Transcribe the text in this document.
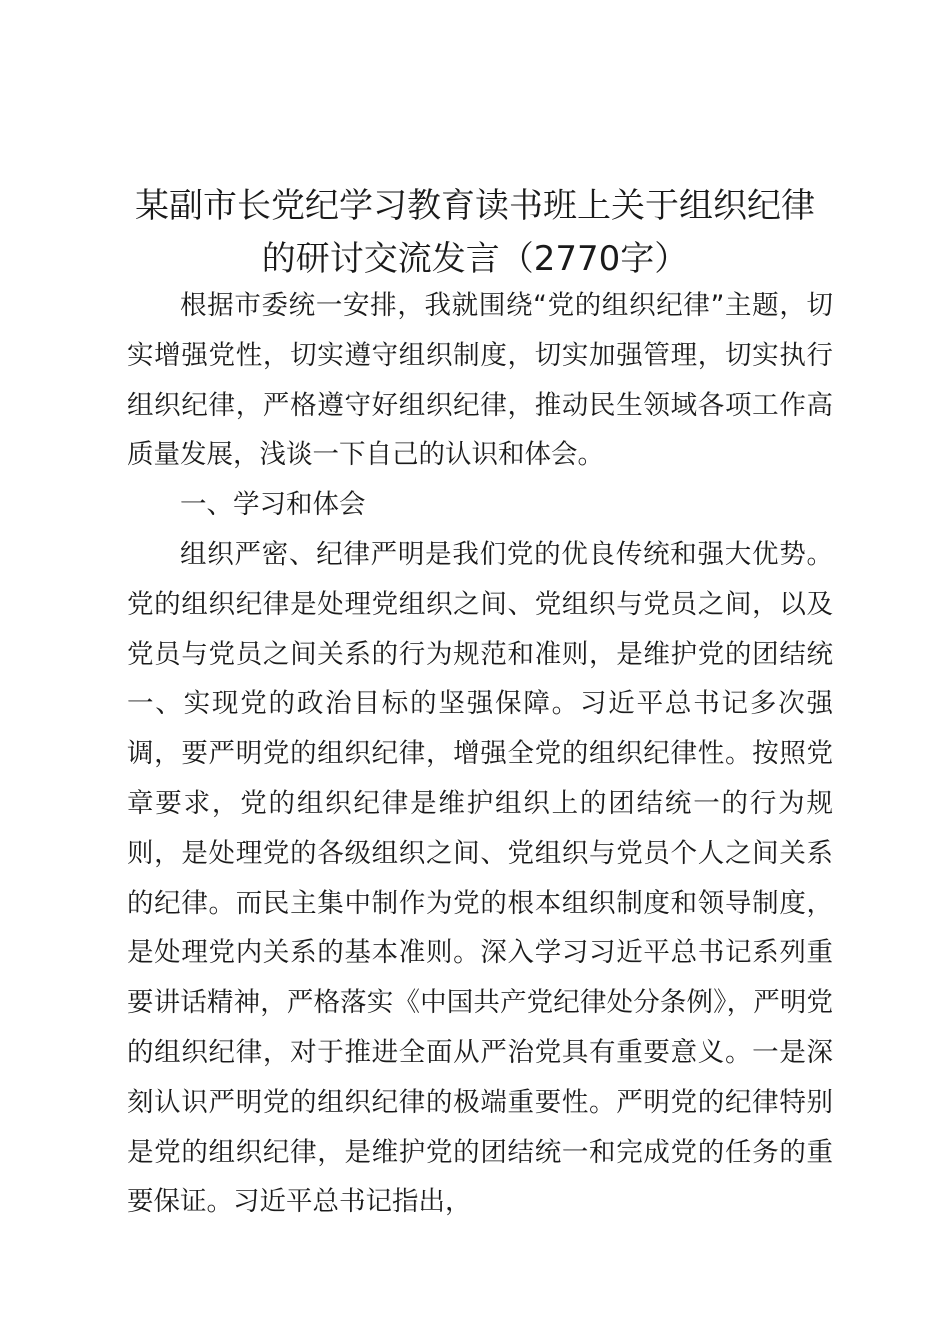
某副市长党纪学习教育读书班上关于组织纪律
的研讨交流发言（2770字）

根据市委统一安排，我就围绕“党的组织纪律”主题，切实增强党性，切实遵守组织制度，切实加强管理，切实执行组织纪律，严格遵守好组织纪律，推动民生领域各项工作高质量发展，浅谈一下自己的认识和体会。

一、学习和体会

组织严密、纪律严明是我们党的优良传统和强大优势。党的组织纪律是处理党组织之间、党组织与党员之间，以及党员与党员之间关系的行为规范和准则，是维护党的团结统一、实现党的政治目标的坚强保障。习近平总书记多次强调，要严明党的组织纪律，增强全党的组织纪律性。按照党章要求，党的组织纪律是维护组织上的团结统一的行为规则，是处理党的各级组织之间、党组织与党员个人之间关系的纪律。而民主集中制作为党的根本组织制度和领导制度，是处理党内关系的基本准则。深入学习习近平总书记系列重要讲话精神，严格落实《中国共产党纪律处分条例》，严明党的组织纪律，对于推进全面从严治党具有重要意义。一是深刻认识严明党的组织纪律的极端重要性。严明党的纪律特别是党的组织纪律，是维护党的团结统一和完成党的任务的重要保证。习近平总书记指出，
